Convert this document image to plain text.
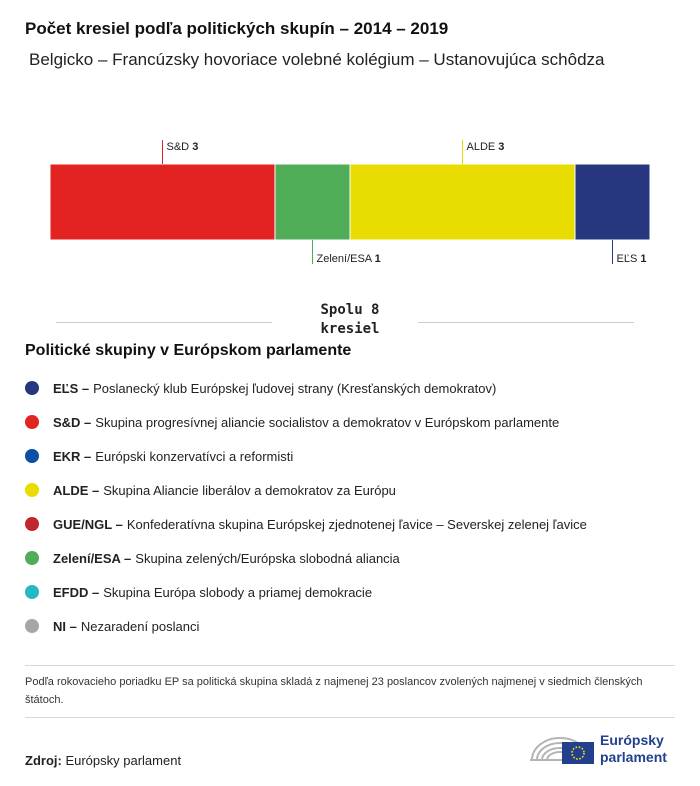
Počet kresiel podľa politických skupín – 2014 – 2019
Belgicko – Francúzsky hovoriace volebné kolégium – Ustanovujúca schôdza
S&D 3
Zelení/ESA 1
ALDE 3
EĽS 1
Spolu 8
kresiel
Politické skupiny v Európskom parlamente
EĽS – Poslanecký klub Európskej ľudovej strany (Kresťanských demokratov)
S&D – Skupina progresívnej aliancie socialistov a demokratov v Európskom parlamente
EKR – Európski konzervatívci a reformisti
ALDE – Skupina Aliancie liberálov a demokratov za Európu
GUE/NGL – Konfederatívna skupina Európskej zjednotenej ľavice – Severskej zelenej ľavice
Zelení/ESA – Skupina zelených/Európska slobodná aliancia
EFDD – Skupina Európa slobody a priamej demokracie
NI – Nezaradení poslanci
Podľa rokovacieho poriadku EP sa politická skupina skladá z najmenej 23 poslancov zvolených najmenej v siedmich členských štátoch.
Zdroj: Európsky parlament
Európsky
parlament
